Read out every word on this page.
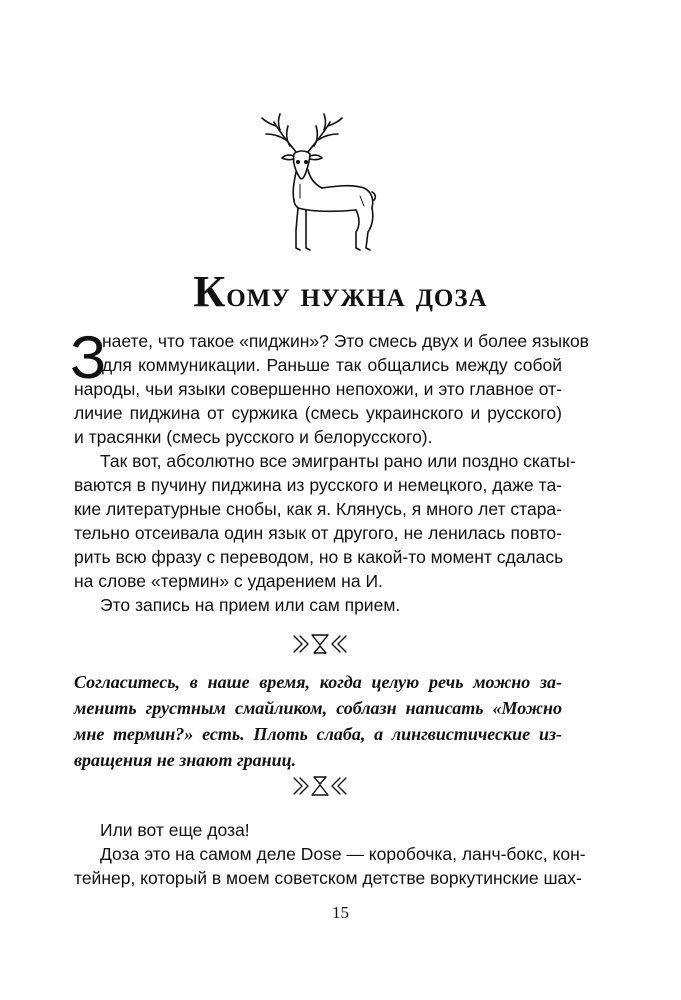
Кому нужна доза
З
наете, что такое «пиджин»? Это смесь двух и более языков
для коммуникации. Раньше так общались между собой
народы, чьи языки совершенно непохожи, и это главное от-
личие пиджина от суржика (смесь украинского и русского)
и трасянки (смесь русского и белорусского).
Так вот, абсолютно все эмигранты рано или поздно скаты-
ваются в пучину пиджина из русского и немецкого, даже та-
кие литературные снобы, как я. Клянусь, я много лет старa-
тельно отсеивала один язык от другого, не ленилась повто-
рить всю фразу с переводом, но в какой-то момент сдалась
на слове «термин» с ударением на И.
Это запись на прием или сам прием.
Согласитесь, в наше время, когда целую речь можно за-
менить грустным смайликом, соблазн написать «Можно
мне термин?» есть. Плоть слаба, а лингвистические из-
вращения не знают границ.
Или вот еще доза!
Доза это на самом деле Dose — коробочка, ланч-бокс, кон-
тейнер, который в моем советском детстве воркутинские шах-
15
